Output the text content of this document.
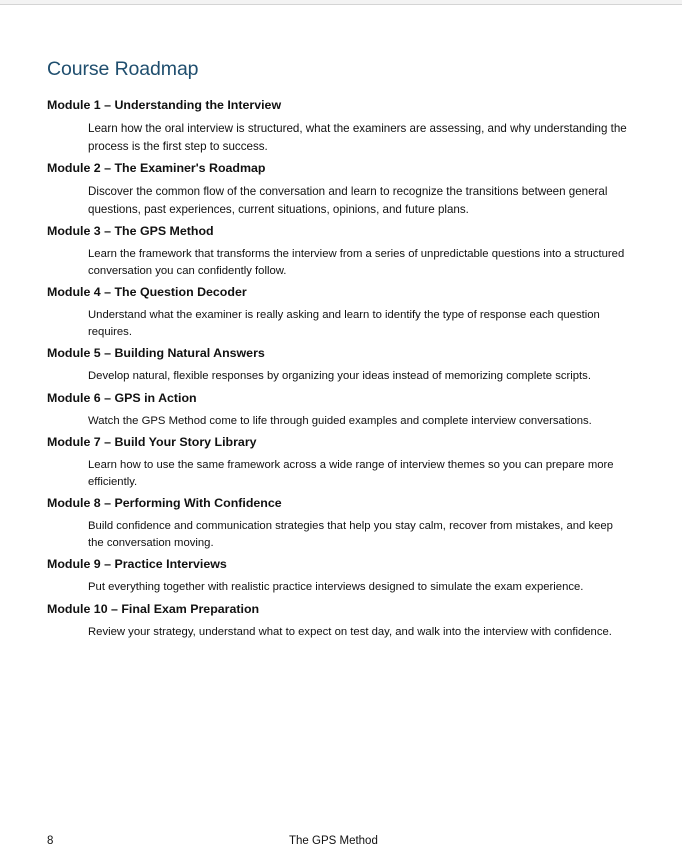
Course Roadmap
Module 1 – Understanding the Interview
Learn how the oral interview is structured, what the examiners are assessing, and why understanding the process is the first step to success.
Module 2 – The Examiner's Roadmap
Discover the common flow of the conversation and learn to recognize the transitions between general questions, past experiences, current situations, opinions, and future plans.
Module 3 – The GPS Method
Learn the framework that transforms the interview from a series of unpredictable questions into a structured conversation you can confidently follow.
Module 4 – The Question Decoder
Understand what the examiner is really asking and learn to identify the type of response each question requires.
Module 5 – Building Natural Answers
Develop natural, flexible responses by organizing your ideas instead of memorizing complete scripts.
Module 6 – GPS in Action
Watch the GPS Method come to life through guided examples and complete interview conversations.
Module 7 – Build Your Story Library
Learn how to use the same framework across a wide range of interview themes so you can prepare more efficiently.
Module 8 – Performing With Confidence
Build confidence and communication strategies that help you stay calm, recover from mistakes, and keep the conversation moving.
Module 9 – Practice Interviews
Put everything together with realistic practice interviews designed to simulate the exam experience.
Module 10 – Final Exam Preparation
Review your strategy, understand what to expect on test day, and walk into the interview with confidence.
8	The GPS Method
